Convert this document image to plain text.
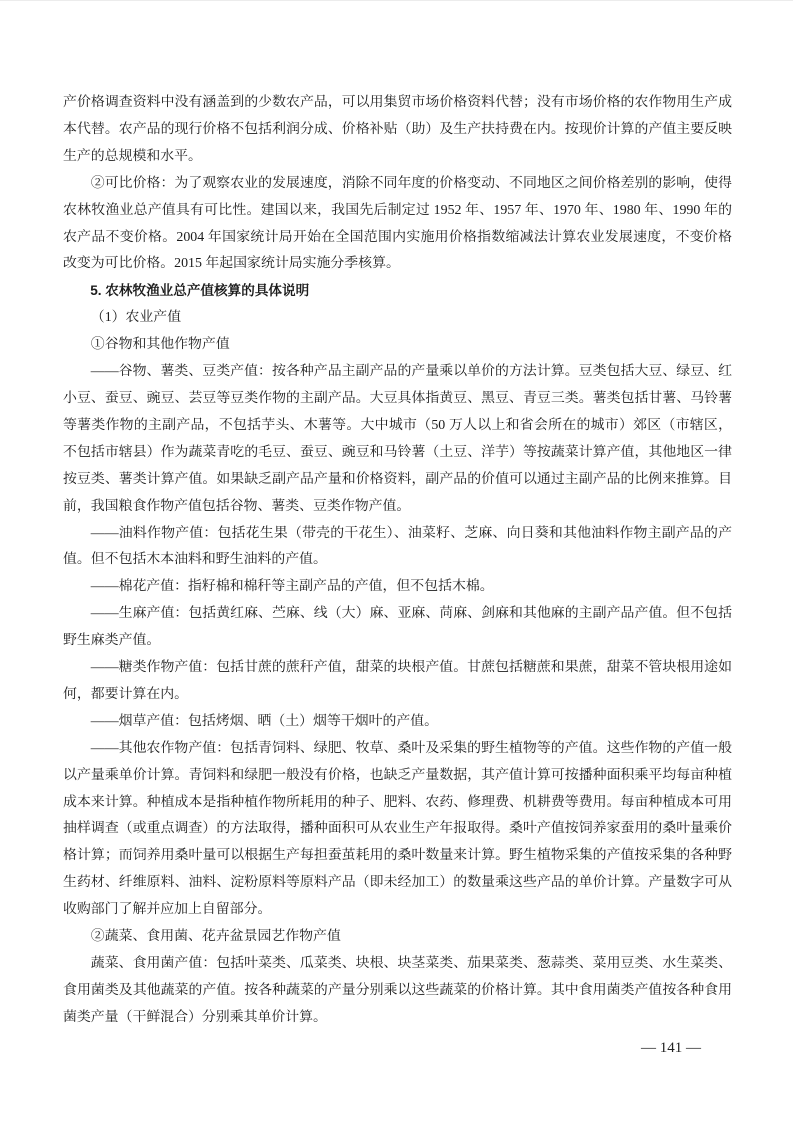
产价格调查资料中没有涵盖到的少数农产品，可以用集贸市场价格资料代替；没有市场价格的农作物用生产成本代替。农产品的现行价格不包括利润分成、价格补贴（助）及生产扶持费在内。按现价计算的产值主要反映生产的总规模和水平。

②可比价格：为了观察农业的发展速度，消除不同年度的价格变动、不同地区之间价格差别的影响，使得农林牧渔业总产值具有可比性。建国以来，我国先后制定过 1952 年、1957 年、1970 年、1980 年、1990 年的农产品不变价格。2004 年国家统计局开始在全国范围内实施用价格指数缩减法计算农业发展速度，不变价格改变为可比价格。2015 年起国家统计局实施分季核算。

5. 农林牧渔业总产值核算的具体说明

（1）农业产值

①谷物和其他作物产值

——谷物、薯类、豆类产值：按各种产品主副产品的产量乘以单价的方法计算。豆类包括大豆、绿豆、红小豆、蚕豆、豌豆、芸豆等豆类作物的主副产品。大豆具体指黄豆、黑豆、青豆三类。薯类包括甘薯、马铃薯等薯类作物的主副产品，不包括芋头、木薯等。大中城市（50 万人以上和省会所在的城市）郊区（市辖区，不包括市辖县）作为蔬菜青吃的毛豆、蚕豆、豌豆和马铃薯（土豆、洋芋）等按蔬菜计算产值，其他地区一律按豆类、薯类计算产值。如果缺乏副产品产量和价格资料，副产品的价值可以通过主副产品的比例来推算。目前，我国粮食作物产值包括谷物、薯类、豆类作物产值。

——油料作物产值：包括花生果（带壳的干花生）、油菜籽、芝麻、向日葵和其他油料作物主副产品的产值。但不包括木本油料和野生油料的产值。

——棉花产值：指籽棉和棉秆等主副产品的产值，但不包括木棉。

——生麻产值：包括黄红麻、苎麻、线（大）麻、亚麻、苘麻、剑麻和其他麻的主副产品产值。但不包括野生麻类产值。

——糖类作物产值：包括甘蔗的蔗秆产值，甜菜的块根产值。甘蔗包括糖蔗和果蔗，甜菜不管块根用途如何，都要计算在内。

——烟草产值：包括烤烟、晒（土）烟等干烟叶的产值。

——其他农作物产值：包括青饲料、绿肥、牧草、桑叶及采集的野生植物等的产值。这些作物的产值一般以产量乘单价计算。青饲料和绿肥一般没有价格，也缺乏产量数据，其产值计算可按播种面积乘平均每亩种植成本来计算。种植成本是指种植作物所耗用的种子、肥料、农药、修理费、机耕费等费用。每亩种植成本可用抽样调查（或重点调查）的方法取得，播种面积可从农业生产年报取得。桑叶产值按饲养家蚕用的桑叶量乘价格计算；而饲养用桑叶量可以根据生产每担蚕茧耗用的桑叶数量来计算。野生植物采集的产值按采集的各种野生药材、纤维原料、油料、淀粉原料等原料产品（即未经加工）的数量乘这些产品的单价计算。产量数字可从收购部门了解并应加上自留部分。

②蔬菜、食用菌、花卉盆景园艺作物产值

蔬菜、食用菌产值：包括叶菜类、瓜菜类、块根、块茎菜类、茄果菜类、葱蒜类、菜用豆类、水生菜类、食用菌类及其他蔬菜的产值。按各种蔬菜的产量分别乘以这些蔬菜的价格计算。其中食用菌类产值按各种食用菌类产量（干鲜混合）分别乘其单价计算。

— 141 —
